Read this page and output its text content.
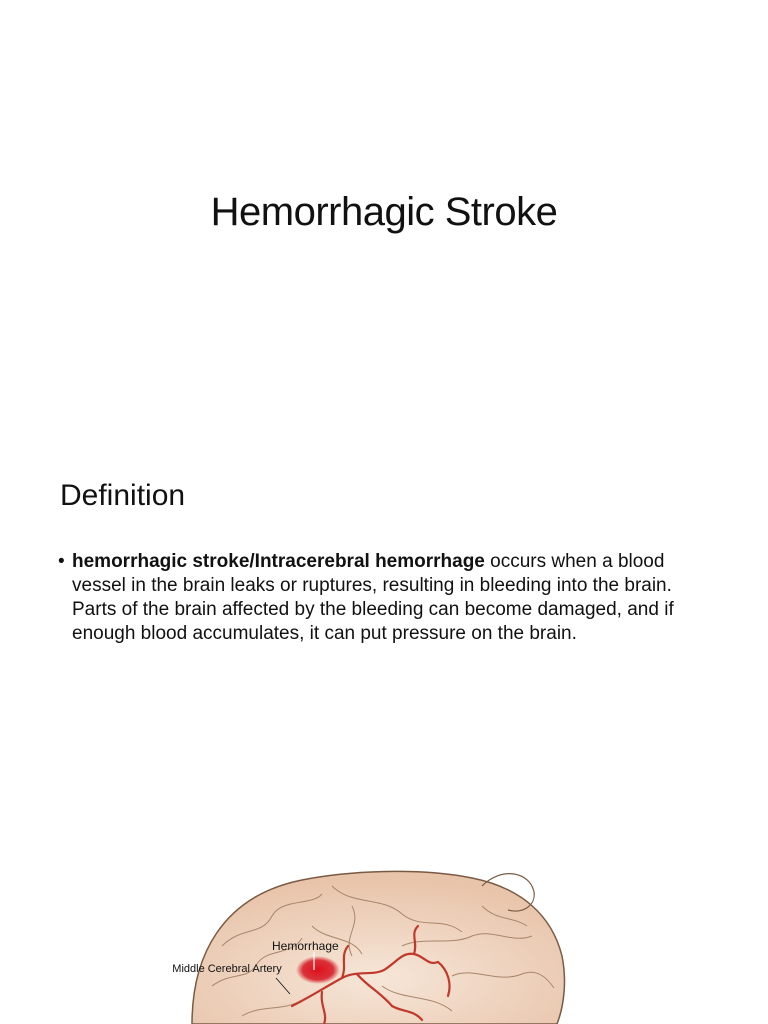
Hemorrhagic Stroke
Definition
• hemorrhagic stroke/Intracerebral hemorrhage occurs when a blood vessel in the brain leaks or ruptures, resulting in bleeding into the brain. Parts of the brain affected by the bleeding can become damaged, and if enough blood accumulates, it can put pressure on the brain.
Hemorrhage
Middle Cerebral Artery
